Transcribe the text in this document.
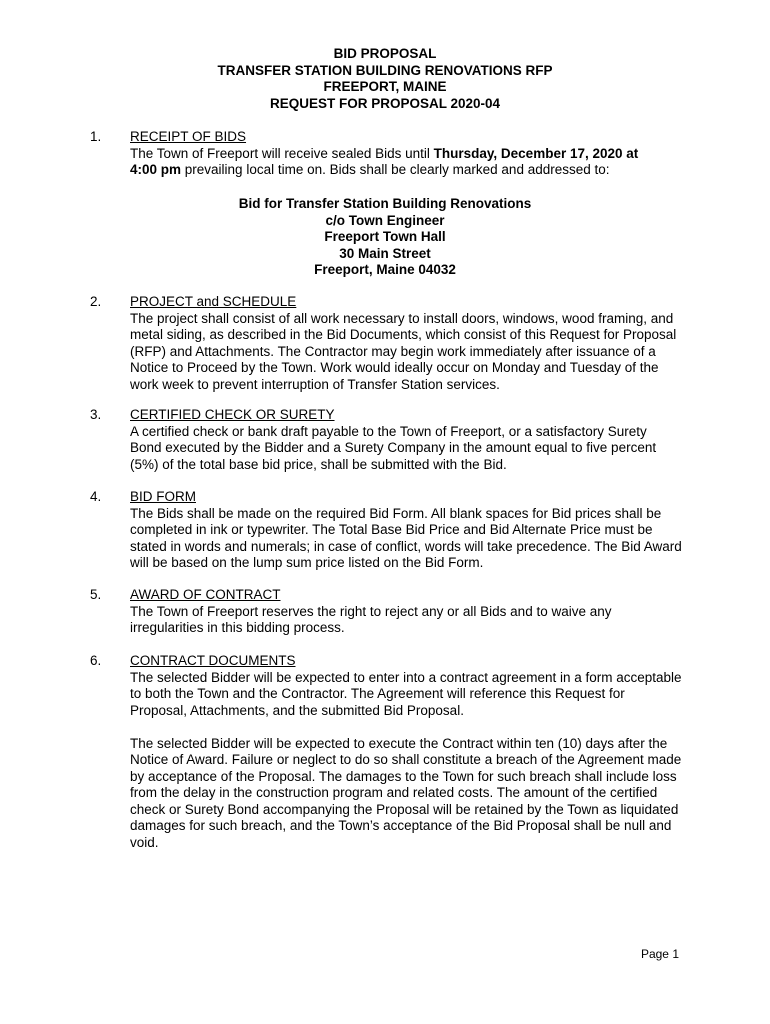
BID PROPOSAL
TRANSFER STATION BUILDING RENOVATIONS RFP
FREEPORT, MAINE
REQUEST FOR PROPOSAL 2020-04
1.	RECEIPT OF BIDS

The Town of Freeport will receive sealed Bids until Thursday, December 17, 2020 at
4:00 pm prevailing local time on. Bids shall be clearly marked and addressed to:

Bid for Transfer Station Building Renovations
c/o Town Engineer
Freeport Town Hall
30 Main Street
Freeport, Maine 04032
2.	PROJECT and SCHEDULE

The project shall consist of all work necessary to install doors, windows, wood framing, and metal siding, as described in the Bid Documents, which consist of this Request for Proposal (RFP) and Attachments. The Contractor may begin work immediately after issuance of a Notice to Proceed by the Town. Work would ideally occur on Monday and Tuesday of the work week to prevent interruption of Transfer Station services.

3.	CERTIFIED CHECK OR SURETY

A certified check or bank draft payable to the Town of Freeport, or a satisfactory Surety Bond executed by the Bidder and a Surety Company in the amount equal to five percent (5%) of the total base bid price, shall be submitted with the Bid.

4.	BID FORM

The Bids shall be made on the required Bid Form. All blank spaces for Bid prices shall be completed in ink or typewriter. The Total Base Bid Price and Bid Alternate Price must be stated in words and numerals; in case of conflict, words will take precedence. The Bid Award will be based on the lump sum price listed on the Bid Form.

5.	AWARD OF CONTRACT

The Town of Freeport reserves the right to reject any or all Bids and to waive any irregularities in this bidding process.

6.	CONTRACT DOCUMENTS

The selected Bidder will be expected to enter into a contract agreement in a form acceptable to both the Town and the Contractor. The Agreement will reference this Request for Proposal, Attachments, and the submitted Bid Proposal.

The selected Bidder will be expected to execute the Contract within ten (10) days after the Notice of Award. Failure or neglect to do so shall constitute a breach of the Agreement made by acceptance of the Proposal. The damages to the Town for such breach shall include loss from the delay in the construction program and related costs. The amount of the certified check or Surety Bond accompanying the Proposal will be retained by the Town as liquidated damages for such breach, and the Town’s acceptance of the Bid Proposal shall be null and void.

Page 1
